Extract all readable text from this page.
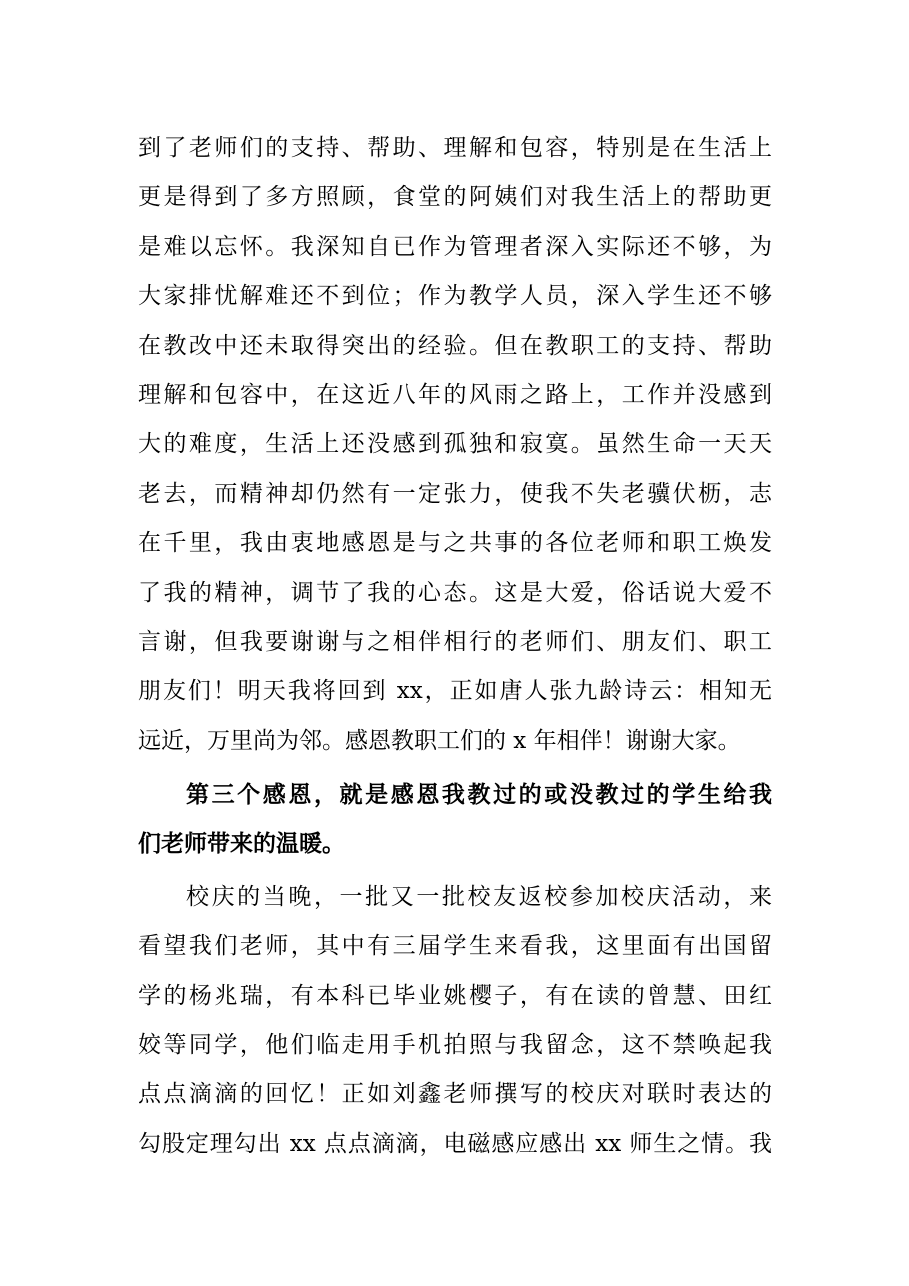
到了老师们的支持、帮助、理解和包容，特别是在生活上
更是得到了多方照顾，食堂的阿姨们对我生活上的帮助更
是难以忘怀。我深知自已作为管理者深入实际还不够，为
大家排忧解难还不到位；作为教学人员，深入学生还不够
在教改中还未取得突出的经验。但在教职工的支持、帮助
理解和包容中，在这近八年的风雨之路上，工作并没感到
大的难度，生活上还没感到孤独和寂寞。虽然生命一天天
老去，而精神却仍然有一定张力，使我不失老骥伏枥，志
在千里，我由衷地感恩是与之共事的各位老师和职工焕发
了我的精神，调节了我的心态。这是大爱，俗话说大爱不
言谢，但我要谢谢与之相伴相行的老师们、朋友们、职工
朋友们！明天我将回到 xx，正如唐人张九龄诗云：相知无
远近，万里尚为邻。感恩教职工们的 x 年相伴！谢谢大家。
第三个感恩，就是感恩我教过的或没教过的学生给我
们老师带来的温暖。
校庆的当晚，一批又一批校友返校参加校庆活动，来
看望我们老师，其中有三届学生来看我，这里面有出国留
学的杨兆瑞，有本科已毕业姚樱子，有在读的曾慧、田红
姣等同学，他们临走用手机拍照与我留念，这不禁唤起我
点点滴滴的回忆！正如刘鑫老师撰写的校庆对联时表达的
勾股定理勾出 xx 点点滴滴，电磁感应感出 xx 师生之情。我
